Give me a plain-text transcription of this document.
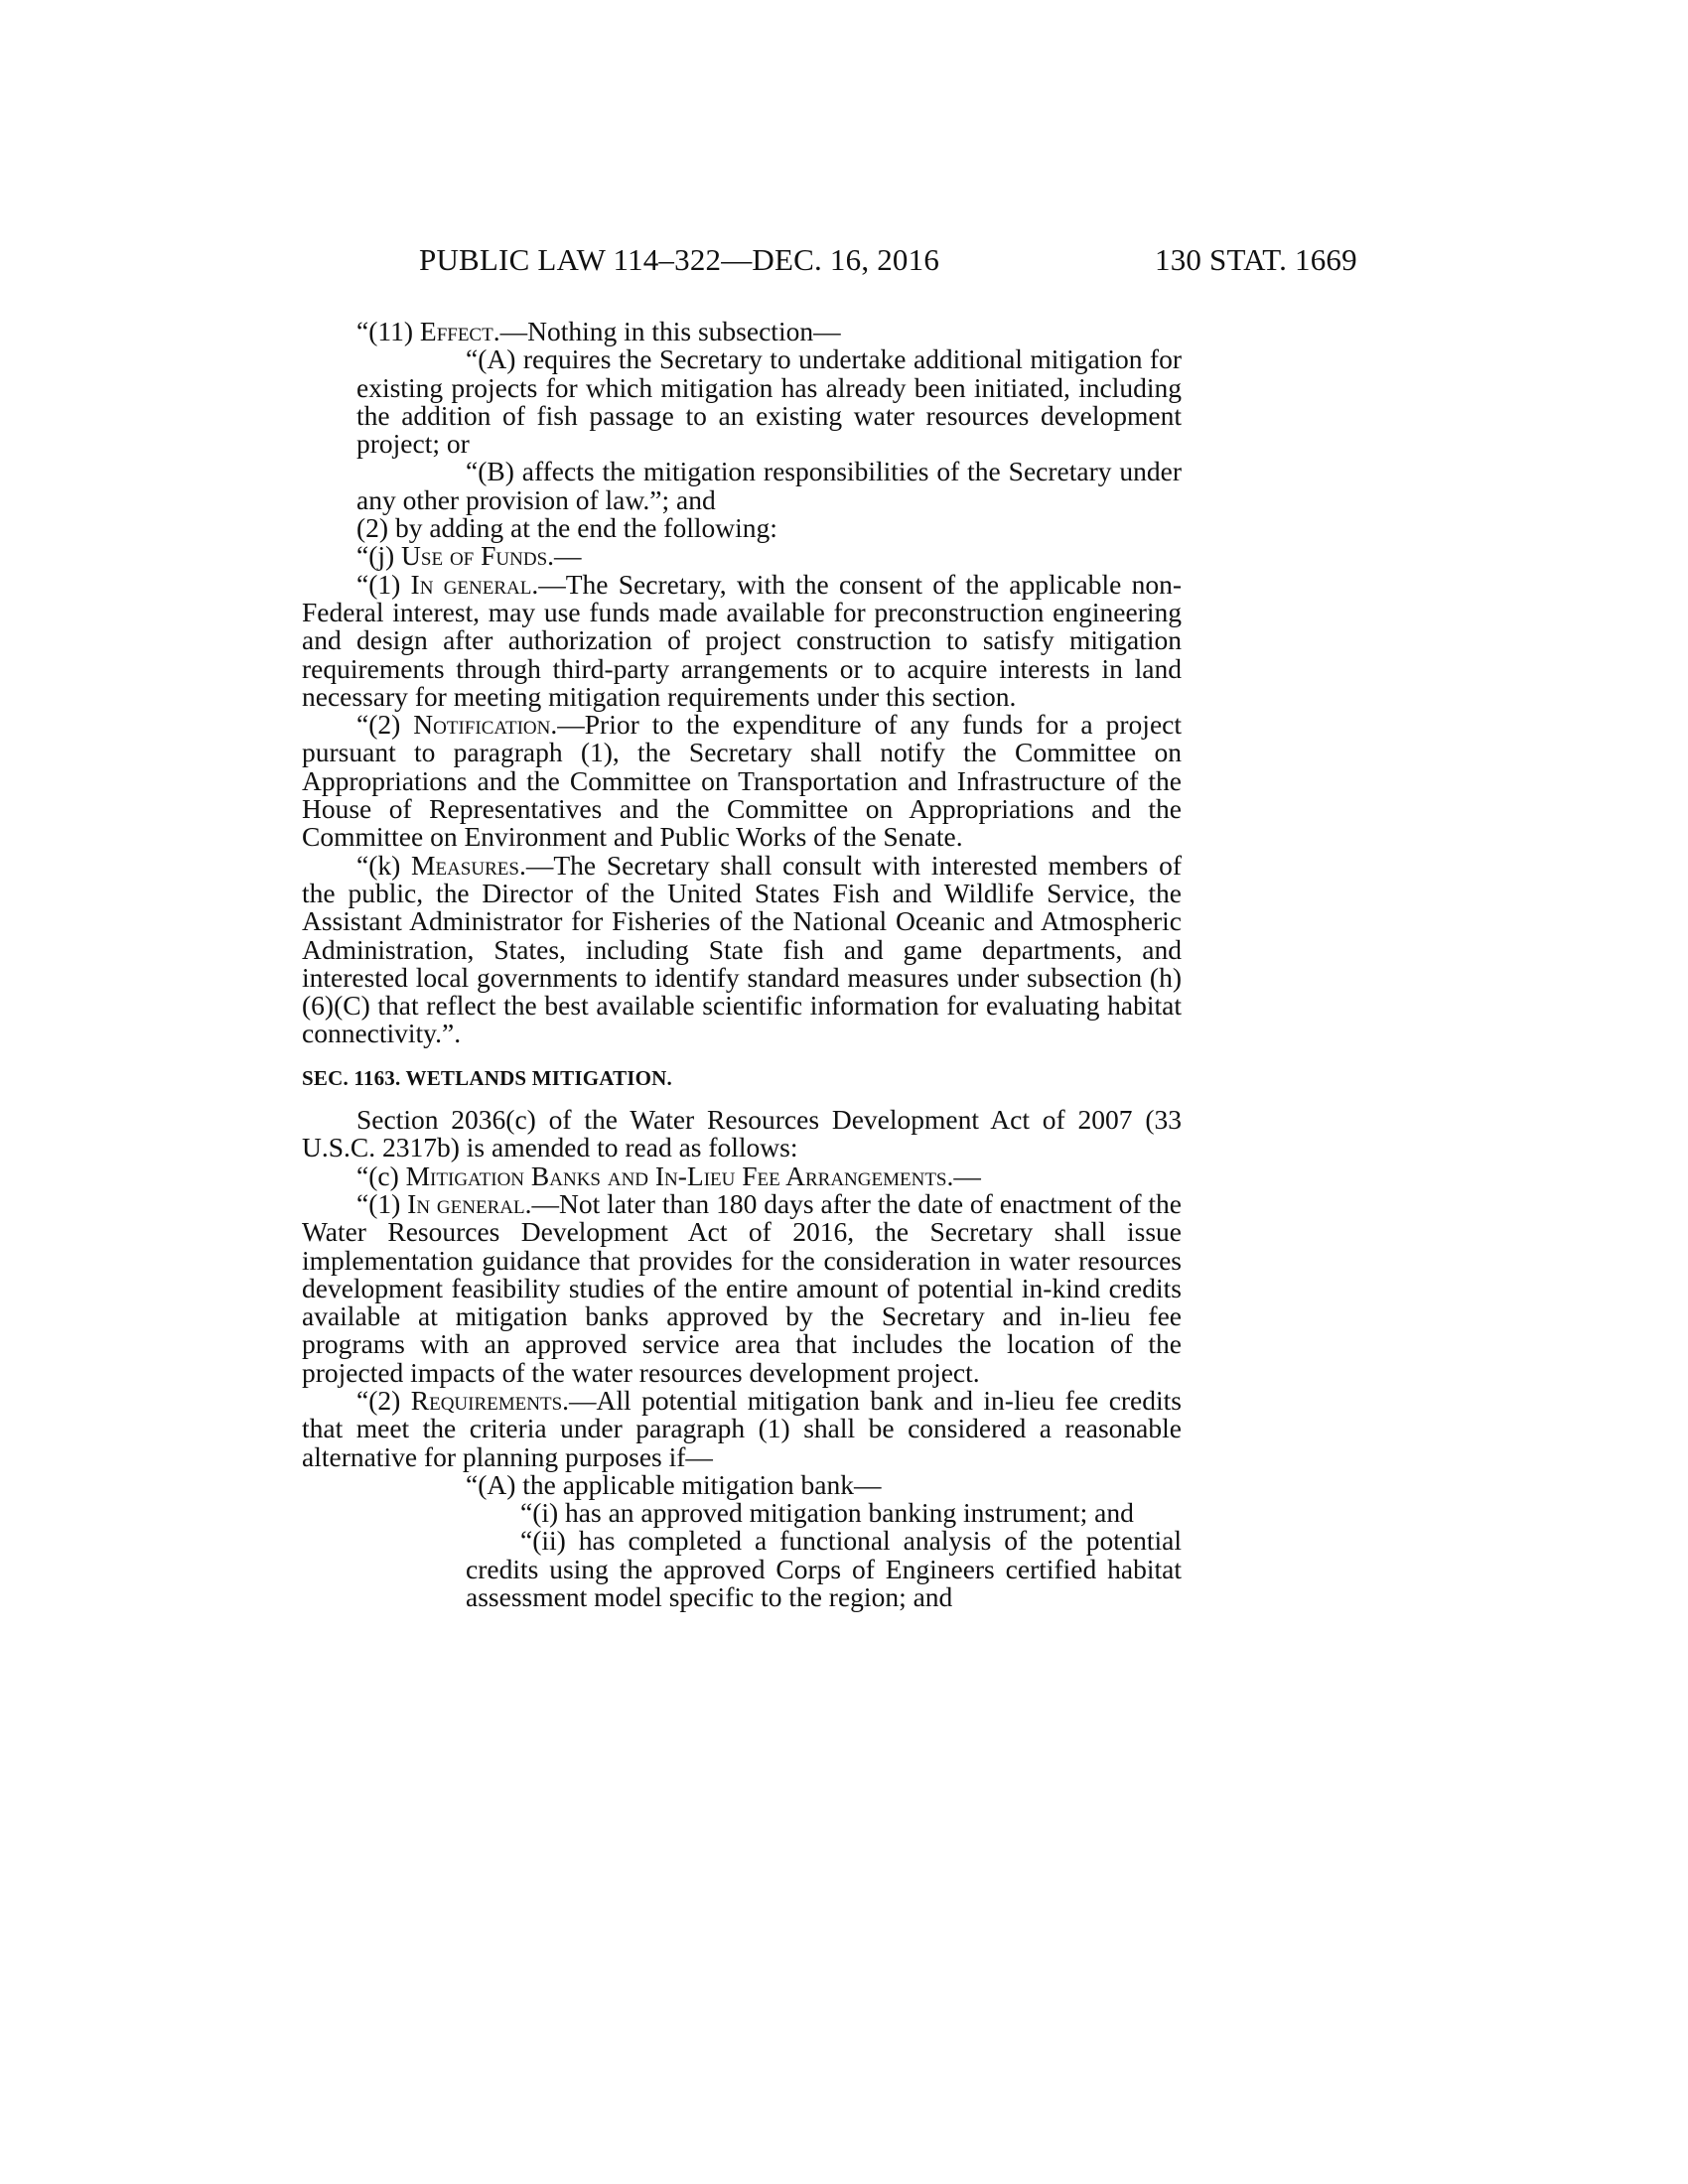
PUBLIC LAW 114–322—DEC. 16, 2016	130 STAT. 1669

“(11) Effect.—Nothing in this subsection—

“(A) requires the Secretary to undertake additional mitigation for existing projects for which mitigation has already been initiated, including the addition of fish passage to an existing water resources development project; or

“(B) affects the mitigation responsibilities of the Secretary under any other provision of law.”; and

(2) by adding at the end the following:

“(j) Use of Funds.—

“(1) In general.—The Secretary, with the consent of the applicable non-Federal interest, may use funds made available for preconstruction engineering and design after authorization of project construction to satisfy mitigation requirements through third-party arrangements or to acquire interests in land necessary for meeting mitigation requirements under this section.

“(2) Notification.—Prior to the expenditure of any funds for a project pursuant to paragraph (1), the Secretary shall notify the Committee on Appropriations and the Committee on Transportation and Infrastructure of the House of Representatives and the Committee on Appropriations and the Committee on Environment and Public Works of the Senate.

“(k) Measures.—The Secretary shall consult with interested members of the public, the Director of the United States Fish and Wildlife Service, the Assistant Administrator for Fisheries of the National Oceanic and Atmospheric Administration, States, including State fish and game departments, and interested local governments to identify standard measures under subsection (h)(6)(C) that reflect the best available scientific information for evaluating habitat connectivity.”.

SEC. 1163. WETLANDS MITIGATION.

Section 2036(c) of the Water Resources Development Act of 2007 (33 U.S.C. 2317b) is amended to read as follows:

“(c) Mitigation Banks and In-Lieu Fee Arrangements.—

“(1) In general.—Not later than 180 days after the date of enactment of the Water Resources Development Act of 2016, the Secretary shall issue implementation guidance that provides for the consideration in water resources development feasibility studies of the entire amount of potential in-kind credits available at mitigation banks approved by the Secretary and in-lieu fee programs with an approved service area that includes the location of the projected impacts of the water resources development project.

“(2) Requirements.—All potential mitigation bank and in-lieu fee credits that meet the criteria under paragraph (1) shall be considered a reasonable alternative for planning purposes if—

“(A) the applicable mitigation bank—

“(i) has an approved mitigation banking instrument; and

“(ii) has completed a functional analysis of the potential credits using the approved Corps of Engineers certified habitat assessment model specific to the region; and
